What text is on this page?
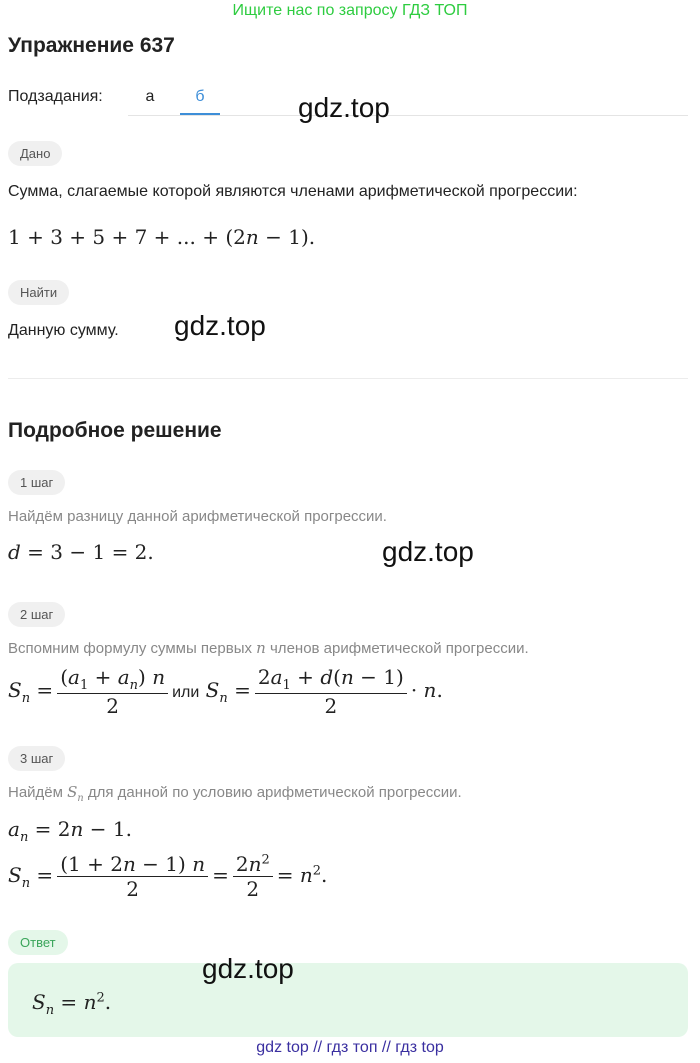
Ищите нас по запросу ГДЗ ТОП
Упражнение 637
Подзадания:	а	б	gdz.top
Дано
Сумма, слагаемые которой являются членами арифметической прогрессии:
1 + 3 + 5 + 7 + ... + (2n − 1).
Найти
Данную сумму. gdz.top
Подробное решение
1 шаг
Найдём разницу данной арифметической прогрессии.
d = 3 − 1 = 2.	gdz.top
2 шаг
Вспомним формулу суммы первых n членов арифметической прогрессии.
$S_n = \frac{(a_1 + a_n) n}{2}$ или $S_n = \frac{2a_1 + d(n - 1)}{2} \cdot n$.
3 шаг
Найдём $S_n$ для данной по условию арифметической прогрессии.
$a_n = 2n - 1$.
$S_n = \frac{(1 + 2n - 1) n}{2} = \frac{2n^2}{2} = n^2$.
Ответ
$S_n = n^2$.
gdz.top
gdz top // гдз топ // гдз top
